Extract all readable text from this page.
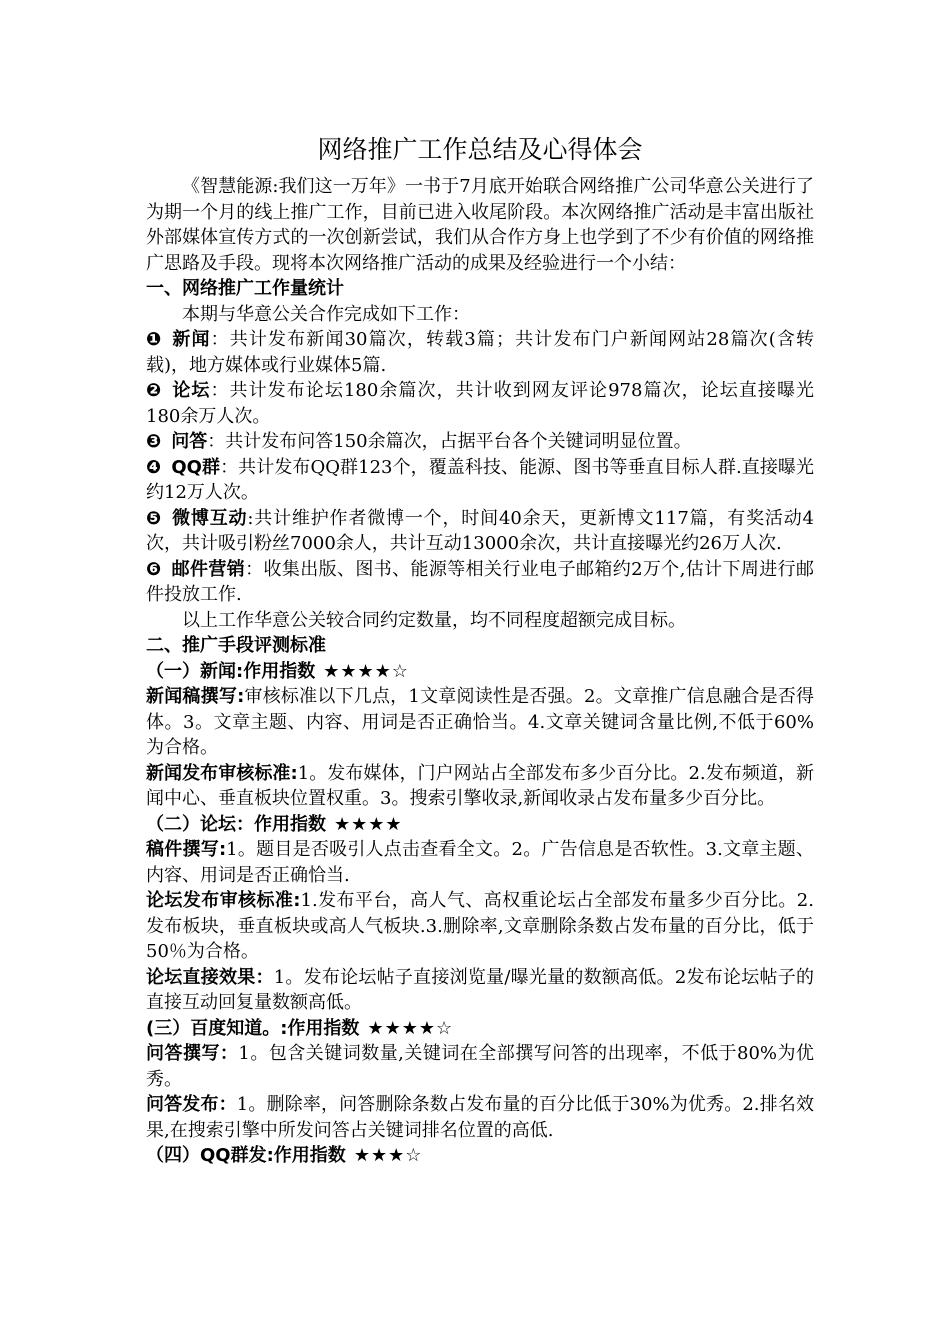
网络推广工作总结及心得体会

《智慧能源:我们这一万年》一书于7月底开始联合网络推广公司华意公关进行了为期一个月的线上推广工作，目前已进入收尾阶段。本次网络推广活动是丰富出版社外部媒体宣传方式的一次创新尝试，我们从合作方身上也学到了不少有价值的网络推广思路及手段。现将本次网络推广活动的成果及经验进行一个小结：

一、网络推广工作量统计

本期与华意公关合作完成如下工作：

❶ 新闻：共计发布新闻30篇次，转载3篇；共计发布门户新闻网站28篇次(含转载)，地方媒体或行业媒体5篇.

❷ 论坛：共计发布论坛180余篇次，共计收到网友评论978篇次，论坛直接曝光180余万人次。

❸ 问答：共计发布问答150余篇次，占据平台各个关键词明显位置。

❹ QQ群：共计发布QQ群123个，覆盖科技、能源、图书等垂直目标人群.直接曝光约12万人次。

❺ 微博互动:共计维护作者微博一个，时间40余天，更新博文117篇，有奖活动4次，共计吸引粉丝7000余人，共计互动13000余次，共计直接曝光约26万人次.

❻ 邮件营销：收集出版、图书、能源等相关行业电子邮箱约2万个,估计下周进行邮件投放工作.

以上工作华意公关较合同约定数量，均不同程度超额完成目标。

二、推广手段评测标准

（一）新闻:作用指数 ★★★★☆

新闻稿撰写:审核标准以下几点，1文章阅读性是否强。2。文章推广信息融合是否得体。3。文章主题、内容、用词是否正确恰当。4.文章关键词含量比例,不低于60%为合格。

新闻发布审核标准:1。发布媒体，门户网站占全部发布多少百分比。2.发布频道，新闻中心、垂直板块位置权重。3。搜索引擎收录,新闻收录占发布量多少百分比。

（二）论坛：作用指数 ★★★★

稿件撰写:1。题目是否吸引人点击查看全文。2。广告信息是否软性。3.文章主题、内容、用词是否正确恰当.

论坛发布审核标准:1.发布平台，高人气、高权重论坛占全部发布量多少百分比。2.发布板块，垂直板块或高人气板块.3.删除率,文章删除条数占发布量的百分比，低于50％为合格。

论坛直接效果：1。发布论坛帖子直接浏览量/曝光量的数额高低。2发布论坛帖子的直接互动回复量数额高低。

(三）百度知道。:作用指数 ★★★★☆

问答撰写：1。包含关键词数量,关键词在全部撰写问答的出现率，不低于80%为优秀。

问答发布：1。删除率，问答删除条数占发布量的百分比低于30%为优秀。2.排名效果,在搜索引擎中所发问答占关键词排名位置的高低.

（四）QQ群发:作用指数 ★★★☆
